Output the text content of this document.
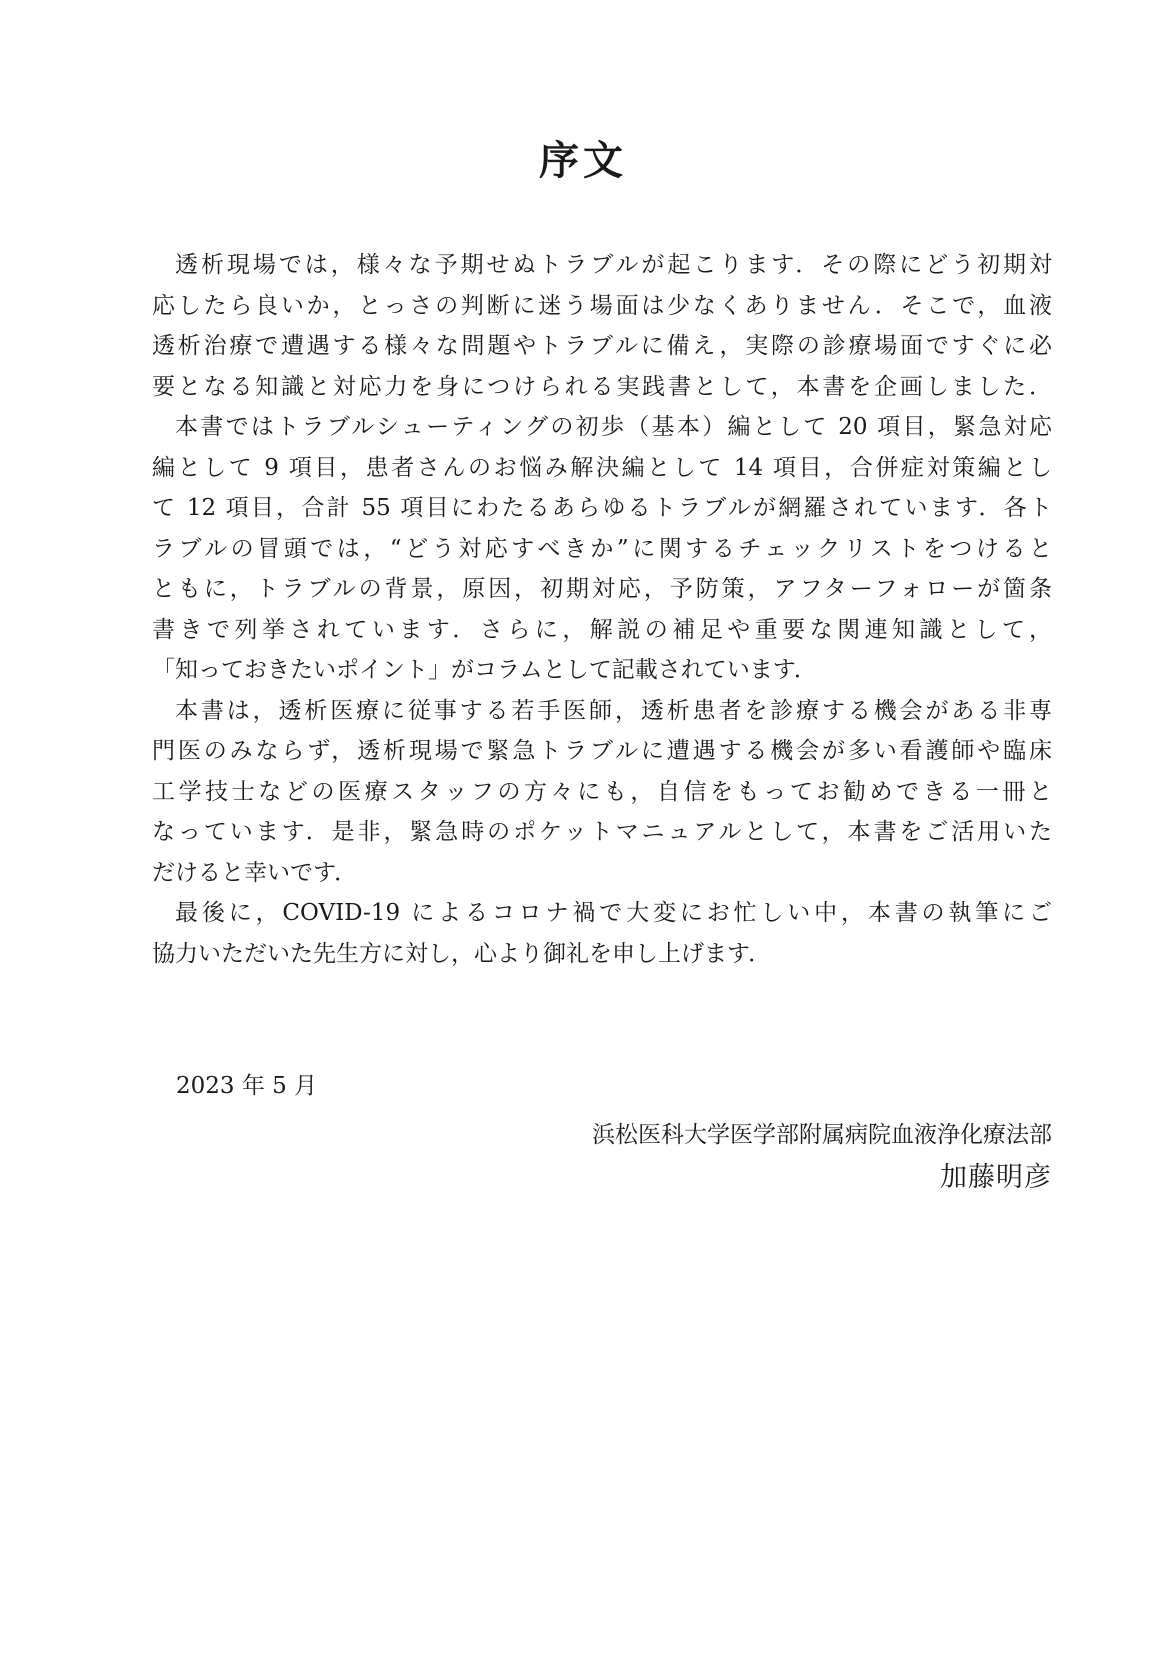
序文
透析現場では，様々な予期せぬトラブルが起こります．その際にどう初期対
応したら良いか，とっさの判断に迷う場面は少なくありません．そこで，血液
透析治療で遭遇する様々な問題やトラブルに備え，実際の診療場面ですぐに必
要となる知識と対応力を身につけられる実践書として，本書を企画しました．
本書ではトラブルシューティングの初歩（基本）編として 20 項目，緊急対応
編として 9 項目，患者さんのお悩み解決編として 14 項目，合併症対策編とし
て 12 項目，合計 55 項目にわたるあらゆるトラブルが網羅されています．各ト
ラブルの冒頭では，“どう対応すべきか”に関するチェックリストをつけると
ともに，トラブルの背景，原因，初期対応，予防策，アフターフォローが箇条
書きで列挙されています．さらに，解説の補足や重要な関連知識として，
「知っておきたいポイント」がコラムとして記載されています．
本書は，透析医療に従事する若手医師，透析患者を診療する機会がある非専
門医のみならず，透析現場で緊急トラブルに遭遇する機会が多い看護師や臨床
工学技士などの医療スタッフの方々にも，自信をもってお勧めできる一冊と
なっています．是非，緊急時のポケットマニュアルとして，本書をご活用いた
だけると幸いです．
最後に，COVID-19 によるコロナ禍で大変にお忙しい中，本書の執筆にご
協力いただいた先生方に対し，心より御礼を申し上げます．

2023 年 5 月

浜松医科大学医学部附属病院血液浄化療法部

加藤明彦
